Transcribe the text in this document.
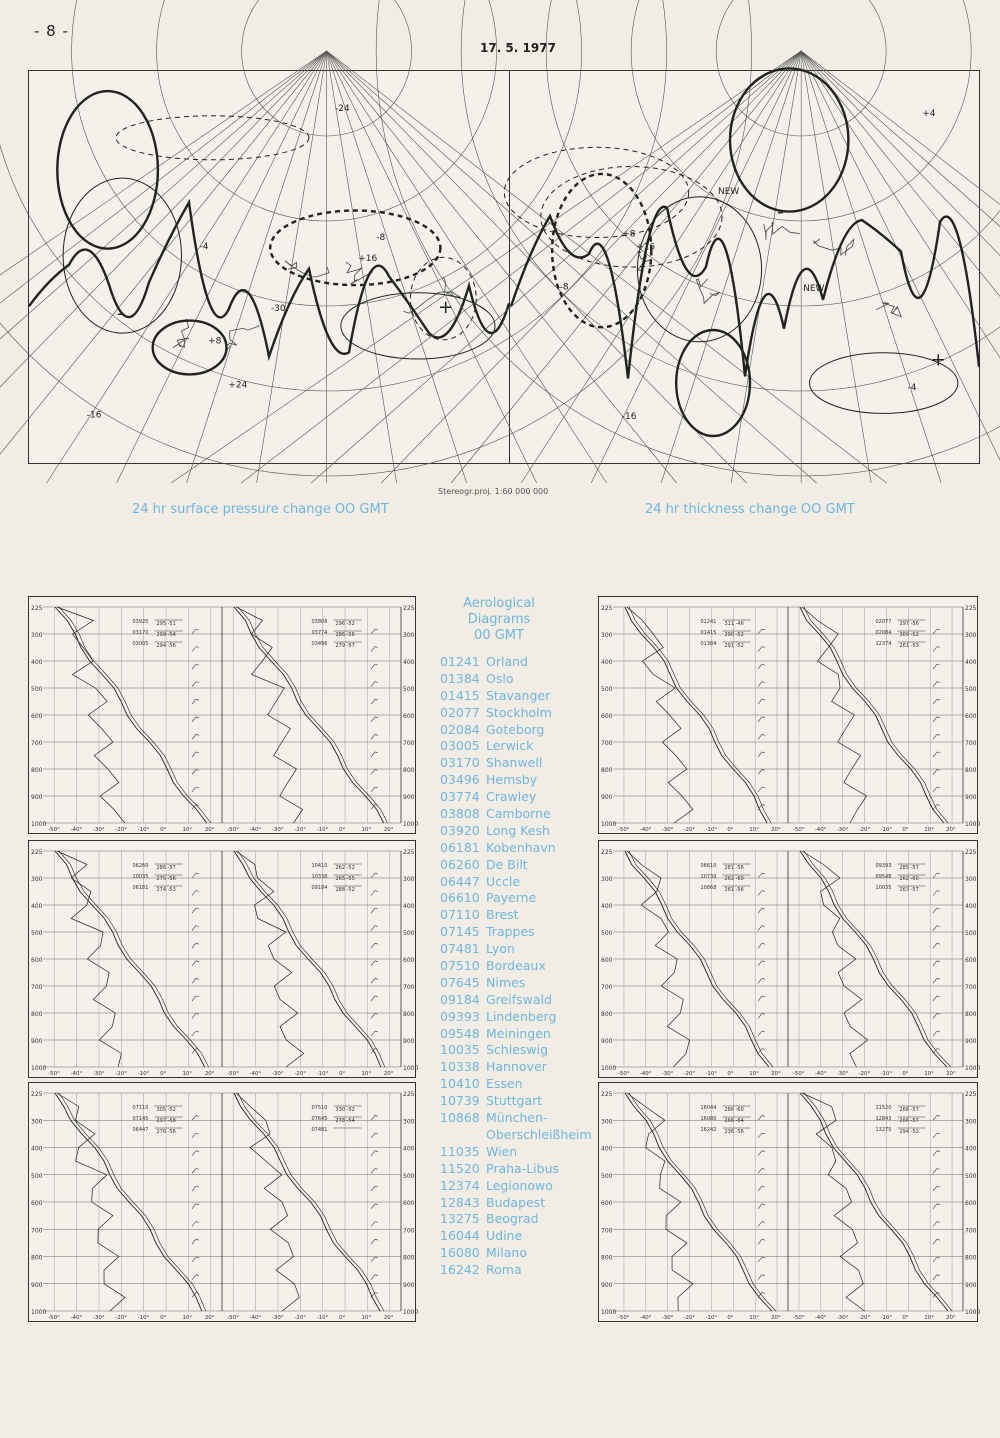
- 8 -
17. 5. 1977
-8
-16
-30
+8
+16
+24
-24
-4
+
-
NEW
NEW
-8
-4
+4
+8
+16
-16
+
-
Stereogr.proj. 1:60 000 000
24 hr surface pressure change OO GMT	24 hr thickness change OO GMT
225	225
300	300
400	400
500	500
600	600
700	700
800	800
900	900
1000	1000
-50° -40° -30° -20° -10° 0°	10° 20°
03920 295 -51
03170 299 -54
03005 294 -56
-50° -40° -30° -20° -10° 0°	10° 20°
03808 296 -52
03774 286 -56
03496 279 -57
225	225
300	300
400	400
500	500
600	600
700	700
800	800
900	900
1000	1000
-50° -40° -30° -20° -10° 0°	10° 20°
06260 286 -57
10035 275 -56
06181 274 -53
-50° -40° -30° -20° -10° 0°	10° 20°
10410 262 -52
10338 265 -55
09184 288 -52
225	225
300	300
400	400
500	500
600	600
700	700
800	800
900	900
1000	1000
-50° -40° -30° -20° -10° 0°	10° 20°
07110 305 -52
07145 297 -58
06447 276 -56
-50° -40° -30° -20° -10° 0°	10° 20°
07510 330 -52
07645 278 -54
07481
225	225
300	300
400	400
500	500
600	600
700	700
800	800
900	900
1000	1000
-50° -40° -30° -20° -10° 0°	10° 20°
01241 311 -46
01415 290 -52
01384 291 -52
-50° -40° -30° -20° -10° 0°	10° 20°
02077 297 -56
02084 309 -52
12374 261 -53
225	225
300	300
400	400
500	500
600	600
700	700
800	800
900	900
1000	1000
-50° -40° -30° -20° -10° 0°	10° 20°
06610 281 -56
10739 262 -60
10868 261 -56
-50° -40° -30° -20° -10° 0°	10° 20°
09393 285 -57
09548 262 -60
10035 263 -57
225	225
300	300
400	400
500	500
600	600
700	700
800	800
900	900
1000	1000
-50° -40° -30° -20° -10° 0°	10° 20°
16044 286 -60
16080 266 -64
16242 236 -56
-50° -40° -30° -20° -10° 0°	10° 20°
11520 266 -57
12843 266 -57
13275 294 -52
Aerological
Diagrams
00 GMT
01241 Orland
01384 Oslo
01415 Stavanger
02077 Stockholm
02084 Goteborg
03005 Lerwick
03170 Shanwell
03496 Hemsby
03774 Crawley
03808 Camborne
03920 Long Kesh
06181 Kobenhavn
06260 De Bilt
06447 Uccle
06610 Payerne
07110 Brest
07145 Trappes
07481 Lyon
07510 Bordeaux
07645 Nimes
09184 Greifswald
09393 Lindenberg
09548 Meiningen
10035 Schleswig
10338 Hannover
10410 Essen
10739 Stuttgart
10868 München-
Oberschleißheim
11035 Wien
11520 Praha-Libus
12374 Legionowo
12843 Budapest
13275 Beograd
16044 Udine
16080 Milano
16242 Roma
